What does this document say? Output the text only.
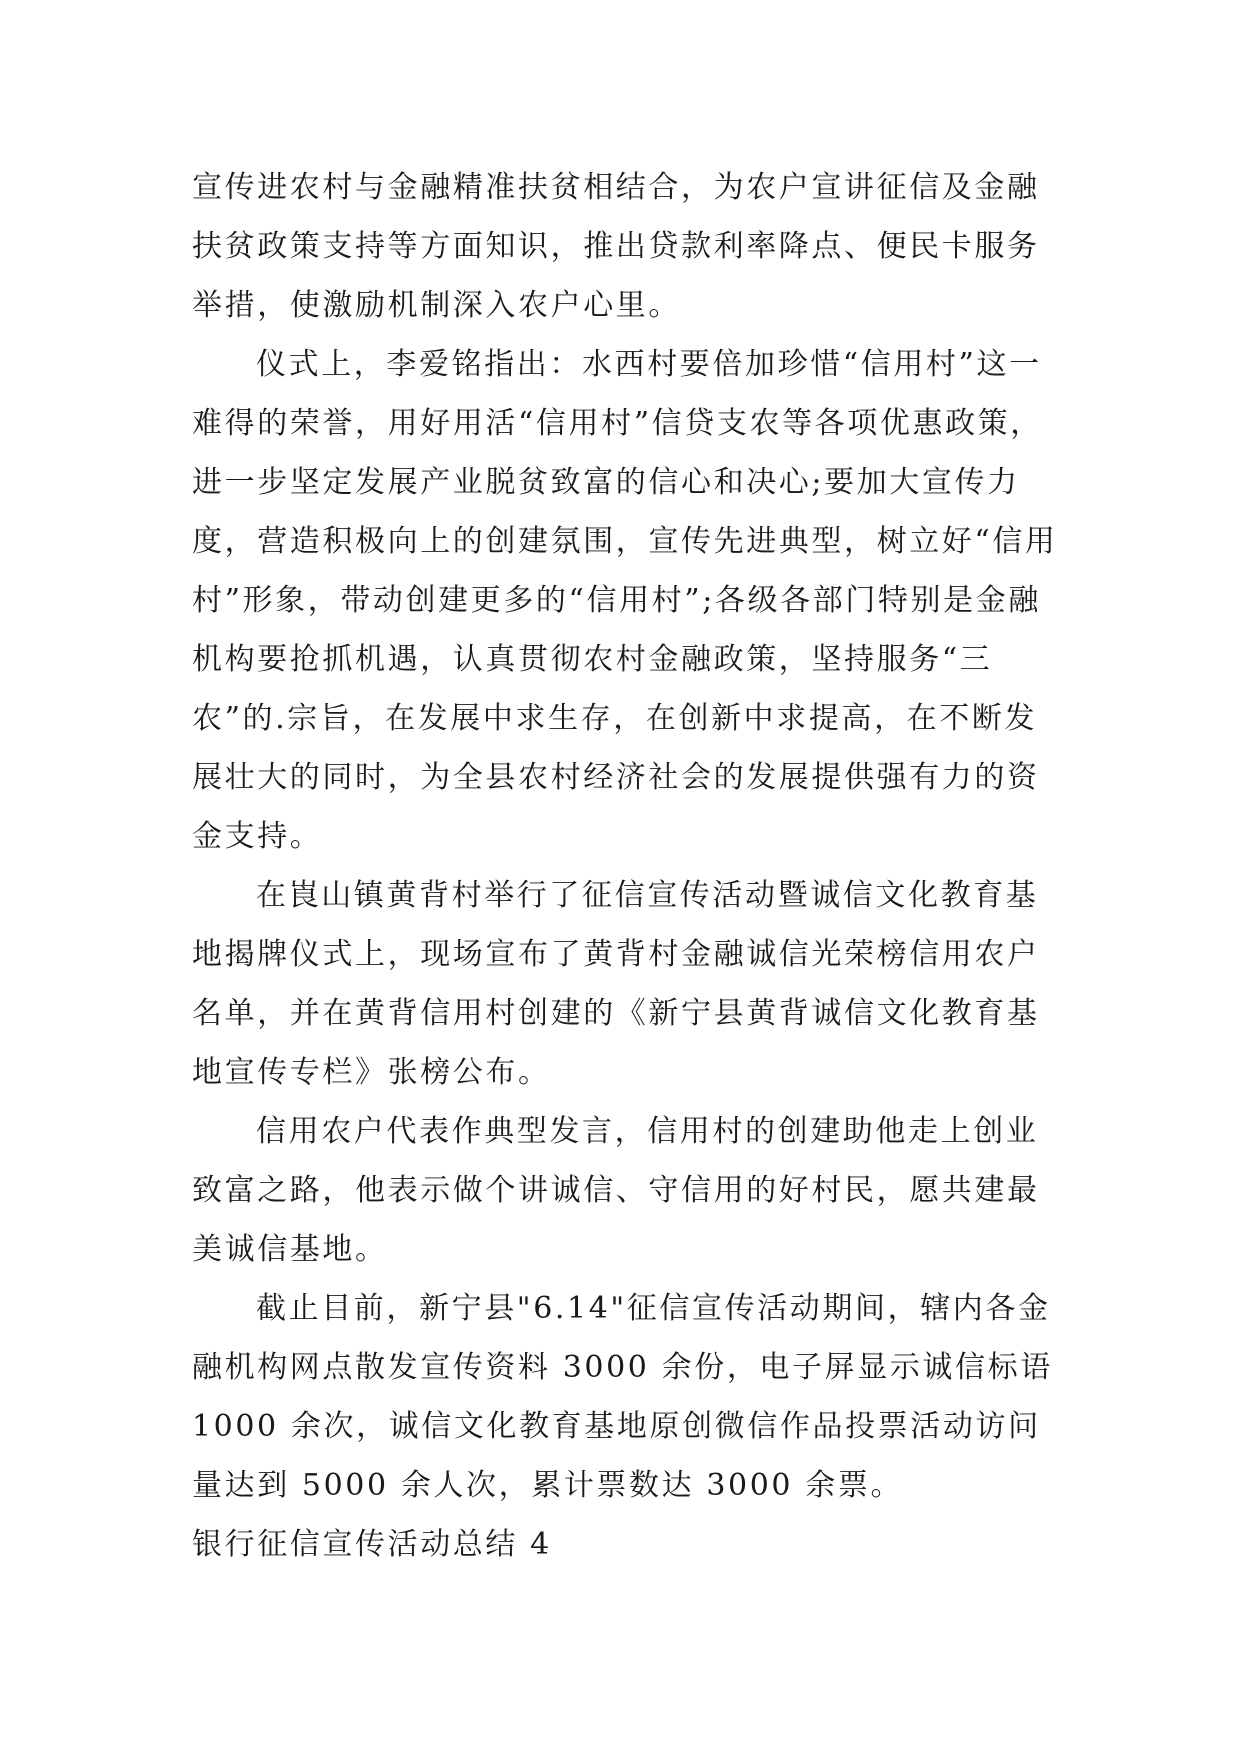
宣传进农村与金融精准扶贫相结合，为农户宣讲征信及金融扶贫政策支持等方面知识，推出贷款利率降点、便民卡服务举措，使激励机制深入农户心里。

仪式上，李爱铭指出：水西村要倍加珍惜“信用村”这一难得的荣誉，用好用活“信用村”信贷支农等各项优惠政策，进一步坚定发展产业脱贫致富的信心和决心;要加大宣传力度，营造积极向上的创建氛围，宣传先进典型，树立好“信用村”形象，带动创建更多的“信用村”;各级各部门特别是金融机构要抢抓机遇，认真贯彻农村金融政策，坚持服务“三农”的.宗旨，在发展中求生存，在创新中求提高，在不断发展壮大的同时，为全县农村经济社会的发展提供强有力的资金支持。

在崀山镇黄背村举行了征信宣传活动暨诚信文化教育基地揭牌仪式上，现场宣布了黄背村金融诚信光荣榜信用农户名单，并在黄背信用村创建的《新宁县黄背诚信文化教育基地宣传专栏》张榜公布。

信用农户代表作典型发言，信用村的创建助他走上创业致富之路，他表示做个讲诚信、守信用的好村民，愿共建最美诚信基地。

截止目前，新宁县"6.14"征信宣传活动期间，辖内各金融机构网点散发宣传资料 3000 余份，电子屏显示诚信标语 1000 余次，诚信文化教育基地原创微信作品投票活动访问量达到 5000 余人次，累计票数达 3000 余票。

银行征信宣传活动总结 4
